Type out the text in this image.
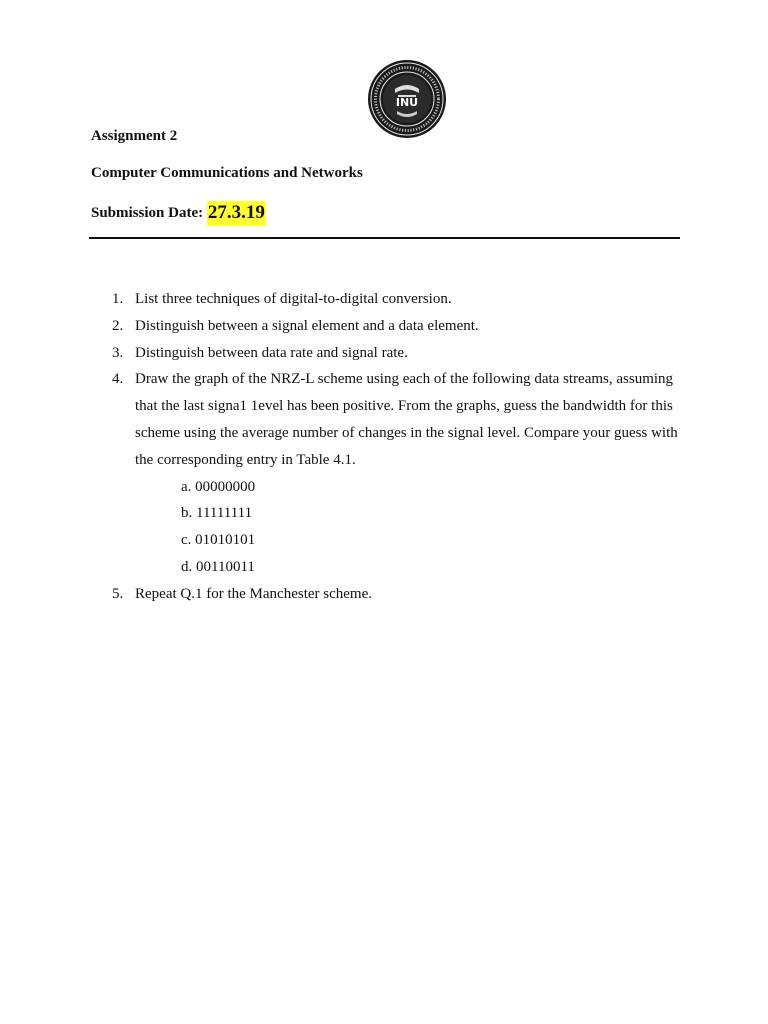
INU
Assignment 2
Computer Communications and Networks
Submission Date: 27.3.19
1. List three techniques of digital-to-digital conversion.
2. Distinguish between a signal element and a data element.
3. Distinguish between data rate and signal rate.
4. Draw the graph of the NRZ-L scheme using each of the following data streams, assuming that the last signa1 1evel has been positive. From the graphs, guess the bandwidth for this scheme using the average number of changes in the signal level. Compare your guess with the corresponding entry in Table 4.1.
a. 00000000
b. 11111111
c. 01010101
d. 00110011
5. Repeat Q.1 for the Manchester scheme.
